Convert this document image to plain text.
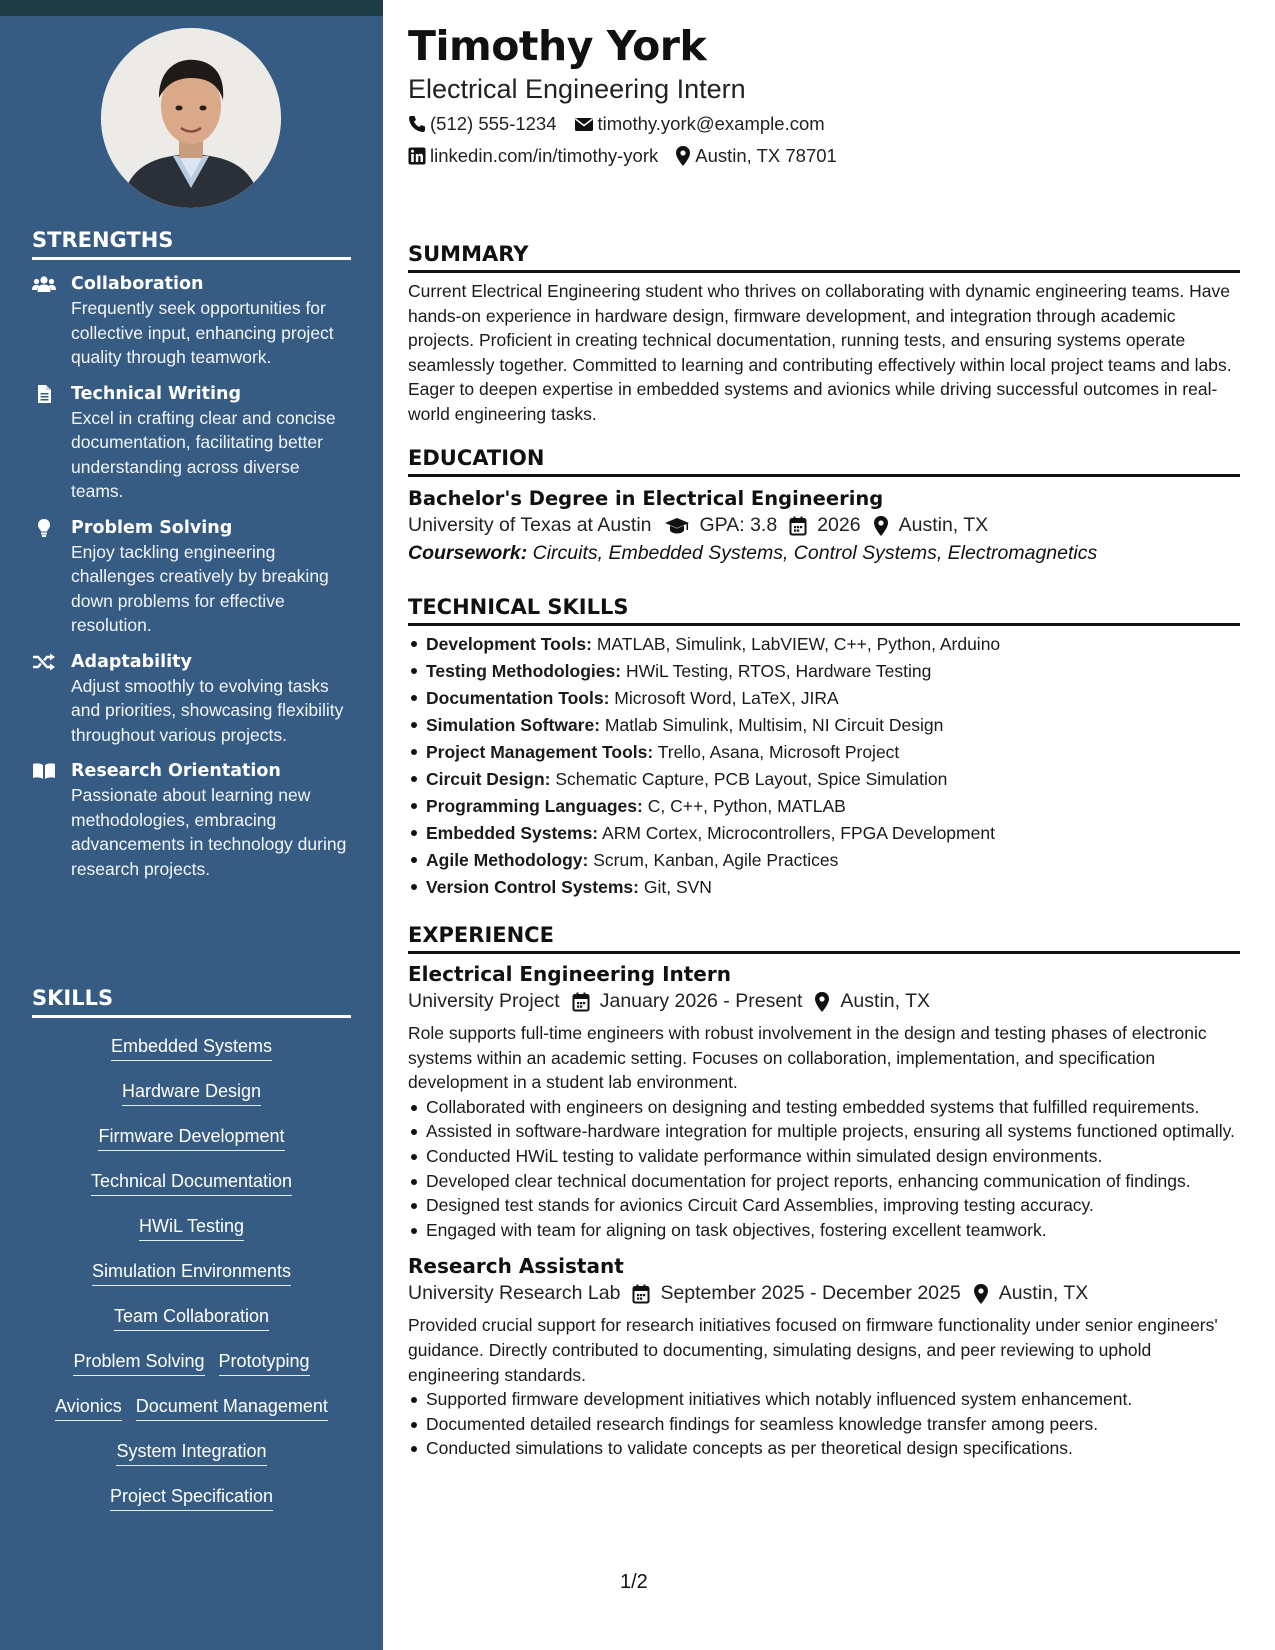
STRENGTHS
Collaboration
Frequently seek opportunities for collective input, enhancing project quality through teamwork.
Technical Writing
Excel in crafting clear and concise documentation, facilitating better understanding across diverse teams.
Problem Solving
Enjoy tackling engineering challenges creatively by breaking down problems for effective resolution.
Adaptability
Adjust smoothly to evolving tasks and priorities, showcasing flexibility throughout various projects.
Research Orientation
Passionate about learning new methodologies, embracing advancements in technology during research projects.
SKILLS
Embedded Systems
Hardware Design
Firmware Development
Technical Documentation
HWiL Testing
Simulation Environments
Team Collaboration
Problem Solving Prototyping
Avionics Document Management
System Integration
Project Specification
Timothy York
Electrical Engineering Intern
(512) 555-1234 timothy.york@example.com
linkedin.com/in/timothy-york Austin, TX 78701
SUMMARY

Current Electrical Engineering student who thrives on collaborating with dynamic engineering teams. Have hands-on experience in hardware design, firmware development, and integration through academic projects. Proficient in creating technical documentation, running tests, and ensuring systems operate seamlessly together. Committed to learning and contributing effectively within local project teams and labs. Eager to deepen expertise in embedded systems and avionics while driving successful outcomes in real-world engineering tasks.

EDUCATION
Bachelor's Degree in Electrical Engineering
University of Texas at Austin GPA: 3.8 2026 Austin, TX
Coursework: Circuits, Embedded Systems, Control Systems, Electromagnetics
TECHNICAL SKILLS
Development Tools: MATLAB, Simulink, LabVIEW, C++, Python, Arduino
Testing Methodologies: HWiL Testing, RTOS, Hardware Testing
Documentation Tools: Microsoft Word, LaTeX, JIRA
Simulation Software: Matlab Simulink, Multisim, NI Circuit Design
Project Management Tools: Trello, Asana, Microsoft Project
Circuit Design: Schematic Capture, PCB Layout, Spice Simulation
Programming Languages: C, C++, Python, MATLAB
Embedded Systems: ARM Cortex, Microcontrollers, FPGA Development
Agile Methodology: Scrum, Kanban, Agile Practices
Version Control Systems: Git, SVN
EXPERIENCE
Electrical Engineering Intern
University Project January 2026 - Present Austin, TX

Role supports full-time engineers with robust involvement in the design and testing phases of electronic systems within an academic setting. Focuses on collaboration, implementation, and specification development in a student lab environment.

Collaborated with engineers on designing and testing embedded systems that fulfilled requirements.
Assisted in software-hardware integration for multiple projects, ensuring all systems functioned optimally.
Conducted HWiL testing to validate performance within simulated design environments.
Developed clear technical documentation for project reports, enhancing communication of findings.
Designed test stands for avionics Circuit Card Assemblies, improving testing accuracy.
Engaged with team for aligning on task objectives, fostering excellent teamwork.
Research Assistant
University Research Lab September 2025 - December 2025 Austin, TX

Provided crucial support for research initiatives focused on firmware functionality under senior engineers' guidance. Directly contributed to documenting, simulating designs, and peer reviewing to uphold engineering standards.

Supported firmware development initiatives which notably influenced system enhancement.
Documented detailed research findings for seamless knowledge transfer among peers.
Conducted simulations to validate concepts as per theoretical design specifications.
1/2
